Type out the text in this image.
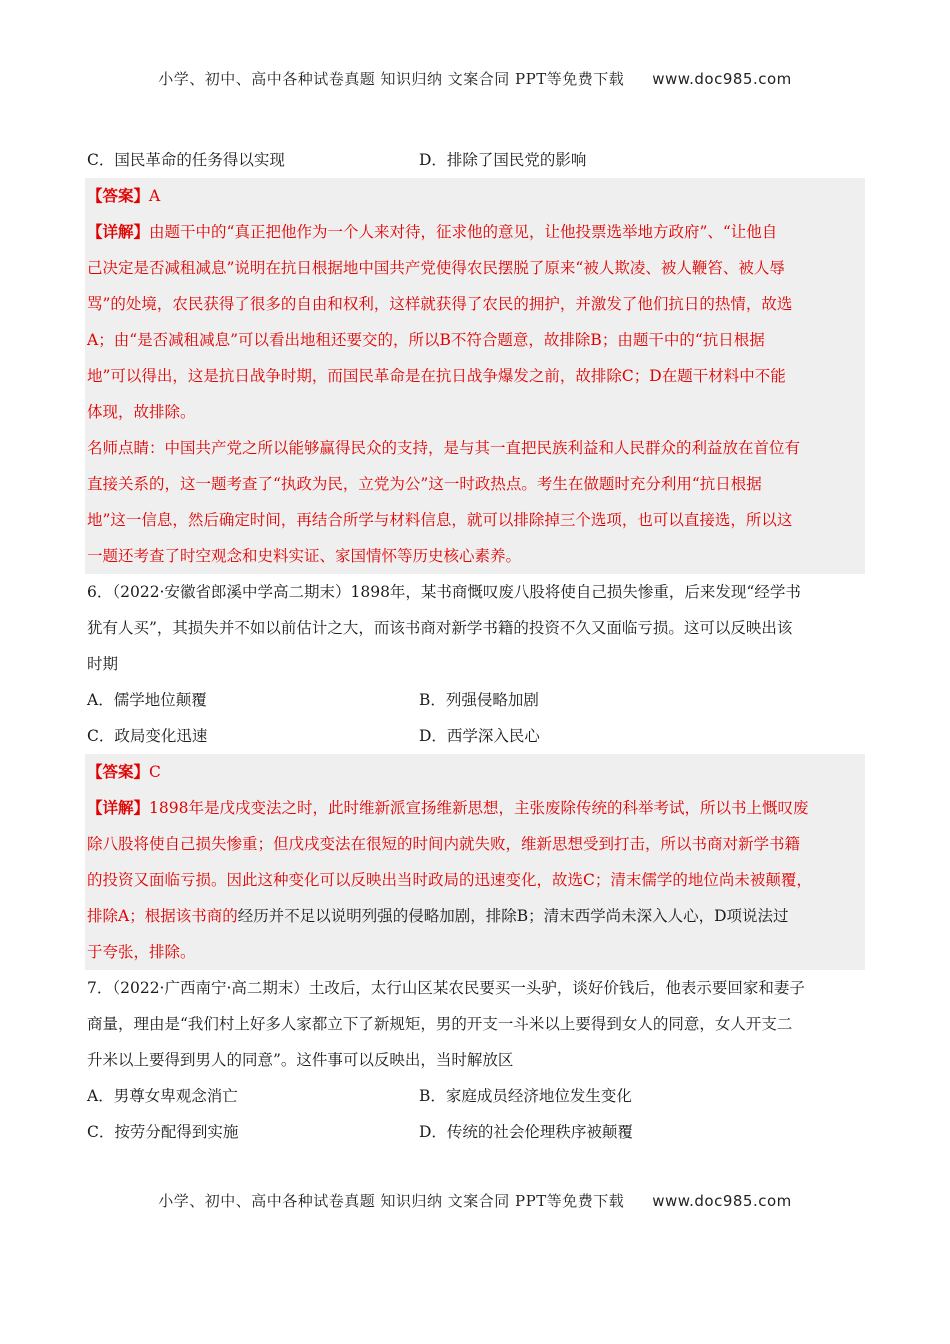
小学、初中、高中各种试卷真题 知识归纳 文案合同 PPT等免费下载 www.doc985.com
C．国民革命的任务得以实现	D．排除了国民党的影响
【答案】A
【详解】由题干中的“真正把他作为一个人来对待，征求他的意见，让他投票选举地方政府”、“让他自
己决定是否减租减息”说明在抗日根据地中国共产党使得农民摆脱了原来“被人欺凌、被人鞭笞、被人辱
骂”的处境，农民获得了很多的自由和权利，这样就获得了农民的拥护，并激发了他们抗日的热情，故选
A；由“是否减租减息”可以看出地租还要交的，所以B不符合题意，故排除B；由题干中的“抗日根据
地”可以得出，这是抗日战争时期，而国民革命是在抗日战争爆发之前，故排除C；D在题干材料中不能
体现，故排除。
名师点睛：中国共产党之所以能够赢得民众的支持，是与其一直把民族利益和人民群众的利益放在首位有
直接关系的，这一题考查了“执政为民，立党为公”这一时政热点。考生在做题时充分利用“抗日根据
地”这一信息，然后确定时间，再结合所学与材料信息，就可以排除掉三个选项，也可以直接选，所以这
一题还考查了时空观念和史料实证、家国情怀等历史核心素养。
6．（2022·安徽省郎溪中学高二期末）1898年，某书商慨叹废八股将使自己损失惨重，后来发现“经学书
犹有人买”，其损失并不如以前估计之大，而该书商对新学书籍的投资不久又面临亏损。这可以反映出该
时期
A．儒学地位颠覆	B．列强侵略加剧
C．政局变化迅速	D．西学深入民心
【答案】C
【详解】1898年是戊戌变法之时，此时维新派宣扬维新思想，主张废除传统的科举考试，所以书上慨叹废
除八股将使自己损失惨重；但戊戌变法在很短的时间内就失败，维新思想受到打击，所以书商对新学书籍
的投资又面临亏损。因此这种变化可以反映出当时政局的迅速变化，故选C；清末儒学的地位尚未被颠覆，
排除A；根据该书商的经历并不足以说明列强的侵略加剧，排除B；清末西学尚未深入人心，D项说法过
于夸张，排除。
7．（2022·广西南宁·高二期末）土改后，太行山区某农民要买一头驴，谈好价钱后，他表示要回家和妻子
商量，理由是“我们村上好多人家都立下了新规矩，男的开支一斗米以上要得到女人的同意，女人开支二
升米以上要得到男人的同意”。这件事可以反映出，当时解放区
A．男尊女卑观念消亡	B．家庭成员经济地位发生变化
C．按劳分配得到实施	D．传统的社会伦理秩序被颠覆
小学、初中、高中各种试卷真题 知识归纳 文案合同 PPT等免费下载 www.doc985.com
